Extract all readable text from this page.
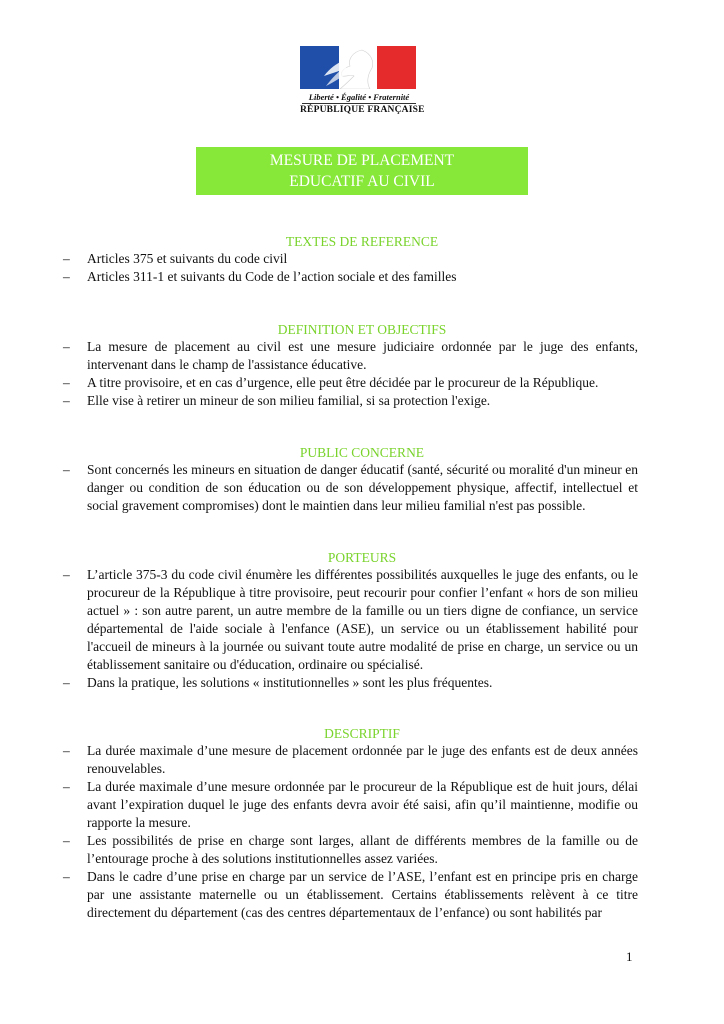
Liberté • Égalité • Fraternité
RÉPUBLIQUE FRANÇAISE
MESURE DE PLACEMENT
EDUCATIF AU CIVIL
TEXTES DE REFERENCE
– Articles 375 et suivants du code civil
– Articles 311-1 et suivants du Code de l’action sociale et des familles
DEFINITION ET OBJECTIFS
– La mesure de placement au civil est une mesure judiciaire ordonnée par le juge des enfants, intervenant dans le champ de l'assistance éducative.
– A titre provisoire, et en cas d’urgence, elle peut être décidée par le procureur de la République.
– Elle vise à retirer un mineur de son milieu familial, si sa protection l'exige.
PUBLIC CONCERNE
– Sont concernés les mineurs en situation de danger éducatif (santé, sécurité ou moralité d'un mineur en danger ou condition de son éducation ou de son développement physique, affectif, intellectuel et social gravement compromises) dont le maintien dans leur milieu familial n'est pas possible.
PORTEURS
– L’article 375-3 du code civil énumère les différentes possibilités auxquelles le juge des enfants, ou le procureur de la République à titre provisoire, peut recourir pour confier l’enfant « hors de son milieu actuel » : son autre parent, un autre membre de la famille ou un tiers digne de confiance, un service départemental de l'aide sociale à l'enfance (ASE), un service ou un établissement habilité pour l'accueil de mineurs à la journée ou suivant toute autre modalité de prise en charge, un service ou un établissement sanitaire ou d'éducation, ordinaire ou spécialisé.
– Dans la pratique, les solutions « institutionnelles » sont les plus fréquentes.
DESCRIPTIF
– La durée maximale d’une mesure de placement ordonnée par le juge des enfants est de deux années renouvelables.
– La durée maximale d’une mesure ordonnée par le procureur de la République est de huit jours, délai avant l’expiration duquel le juge des enfants devra avoir été saisi, afin qu’il maintienne, modifie ou rapporte la mesure.
– Les possibilités de prise en charge sont larges, allant de différents membres de la famille ou de l’entourage proche à des solutions institutionnelles assez variées.
– Dans le cadre d’une prise en charge par un service de l’ASE, l’enfant est en principe pris en charge par une assistante maternelle ou un établissement. Certains établissements relèvent à ce titre directement du département (cas des centres départementaux de l’enfance) ou sont habilités par
1
